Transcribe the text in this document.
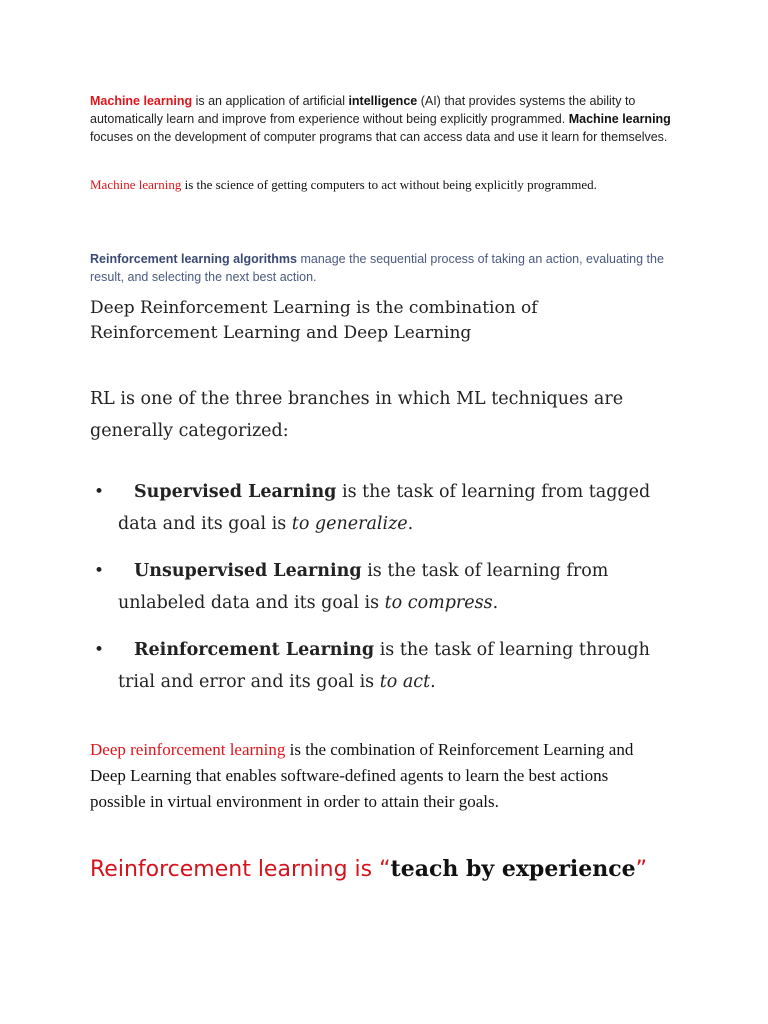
Machine learning is an application of artificial intelligence (AI) that provides systems the ability to automatically learn and improve from experience without being explicitly programmed. Machine learning focuses on the development of computer programs that can access data and use it learn for themselves.

Machine learning is the science of getting computers to act without being explicitly programmed.

Reinforcement learning algorithms manage the sequential process of taking an action, evaluating the result, and selecting the next best action.

Deep Reinforcement Learning is the combination of Reinforcement Learning and Deep Learning

RL is one of the three branches in which ML techniques are generally categorized:

• Supervised Learning is the task of learning from tagged data and its goal is to generalize.
• Unsupervised Learning is the task of learning from unlabeled data and its goal is to compress.
• Reinforcement Learning is the task of learning through trial and error and its goal is to act.

Deep reinforcement learning is the combination of Reinforcement Learning and Deep Learning that enables software-defined agents to learn the best actions possible in virtual environment in order to attain their goals.

Reinforcement learning is “teach by experience”
